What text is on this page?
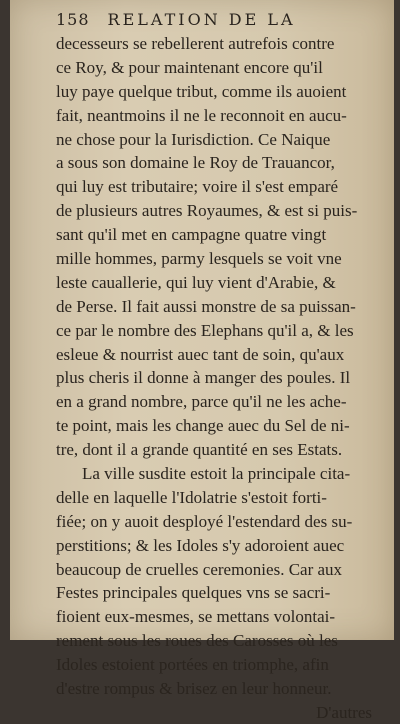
158 RELATION DE LA
decesseurs se rebellerent autrefois contre
ce Roy, & pour maintenant encore qu'il
luy paye quelque tribut, comme ils auoient
fait, neantmoins il ne le reconnoit en aucu-
ne chose pour la Iurisdiction. Ce Naique
a sous son domaine le Roy de Trauancor,
qui luy est tributaire; voire il s'est emparé
de plusieurs autres Royaumes, & est si puis-
sant qu'il met en campagne quatre vingt
mille hommes, parmy lesquels se voit vne
leste cauallerie, qui luy vient d'Arabie, &
de Perse. Il fait aussi monstre de sa puissan-
ce par le nombre des Elephans qu'il a, & les
esleue & nourrist auec tant de soin, qu'aux
plus cheris il donne à manger des poules. Il
en a grand nombre, parce qu'il ne les ache-
te point, mais les change auec du Sel de ni-
tre, dont il a grande quantité en ses Estats.
La ville susdite estoit la principale cita-
delle en laquelle l'Idolatrie s'estoit forti-
fiée; on y auoit desployé l'estendard des su-
perstitions; & les Idoles s'y adoroient auec
beaucoup de cruelles ceremonies. Car aux
Festes principales quelques vns se sacri-
fioient eux-mesmes, se mettans volontai-
rement sous les roues des Carosses où les
Idoles estoient portées en triomphe, afin
d'estre rompus & brisez en leur honneur.
D'autres
